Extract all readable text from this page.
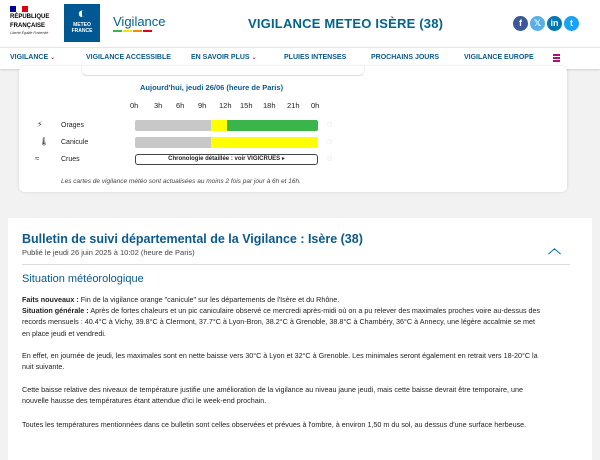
RÉPUBLIQUE
FRANÇAISE
Liberté Égalité Fraternité
◐
METEO
FRANCE
Vigilance	VIGILANCE METEO ISÈRE (38)	f	𝕏	in	t
VIGILANCE ⌄	VIGILANCE ACCESSIBLE	EN SAVOIR PLUS ⌄	PLUIES INTENSES	PROCHAINS JOURS	VIGILANCE EUROPE
Aujourd'hui, jeudi 26/06 (heure de Paris)
0h 3h 6h 9h 12h 15h 18h 21h 0h
⚡	Orages	◌
🌡 Canicule	◌
≈	Crues	Chronologie détaillée : voir VIGICRUES ▸	◌
Les cartes de vigilance météo sont actualisées au moins 2 fois par jour à 6h et 16h.
Bulletin de suivi départemental de la Vigilance : Isère (38)
Publié le jeudi 26 juin 2025 à 10:02 (heure de Paris)	︿
Situation météorologique
Faits nouveaux : Fin de la vigilance orange "canicule" sur les départements de l'Isère et du Rhône.
Situation générale : Après de fortes chaleurs et un pic caniculaire observé ce mercredi après-midi où on a pu relever des maximales proches voire au-dessus des records mensuels : 40.4°C à Vichy, 39.8°C à Clermont, 37.7°C à Lyon-Bron, 38.2°C à Grenoble, 38.8°C à Chambéry, 36°C à Annecy, une légère accalmie se met en place jeudi et vendredi.
En effet, en journée de jeudi, les maximales sont en nette baisse vers 30°C à Lyon et 32°C à Grenoble. Les minimales seront également en retrait vers 18-20°C la nuit suivante.
Cette baisse relative des niveaux de température justifie une amélioration de la vigilance au niveau jaune jeudi, mais cette baisse devrait être temporaire, une nouvelle hausse des températures étant attendue d'ici le week-end prochain.
Toutes les températures mentionnées dans ce bulletin sont celles observées et prévues à l'ombre, à environ 1,50 m du sol, au dessus d'une surface herbeuse.
